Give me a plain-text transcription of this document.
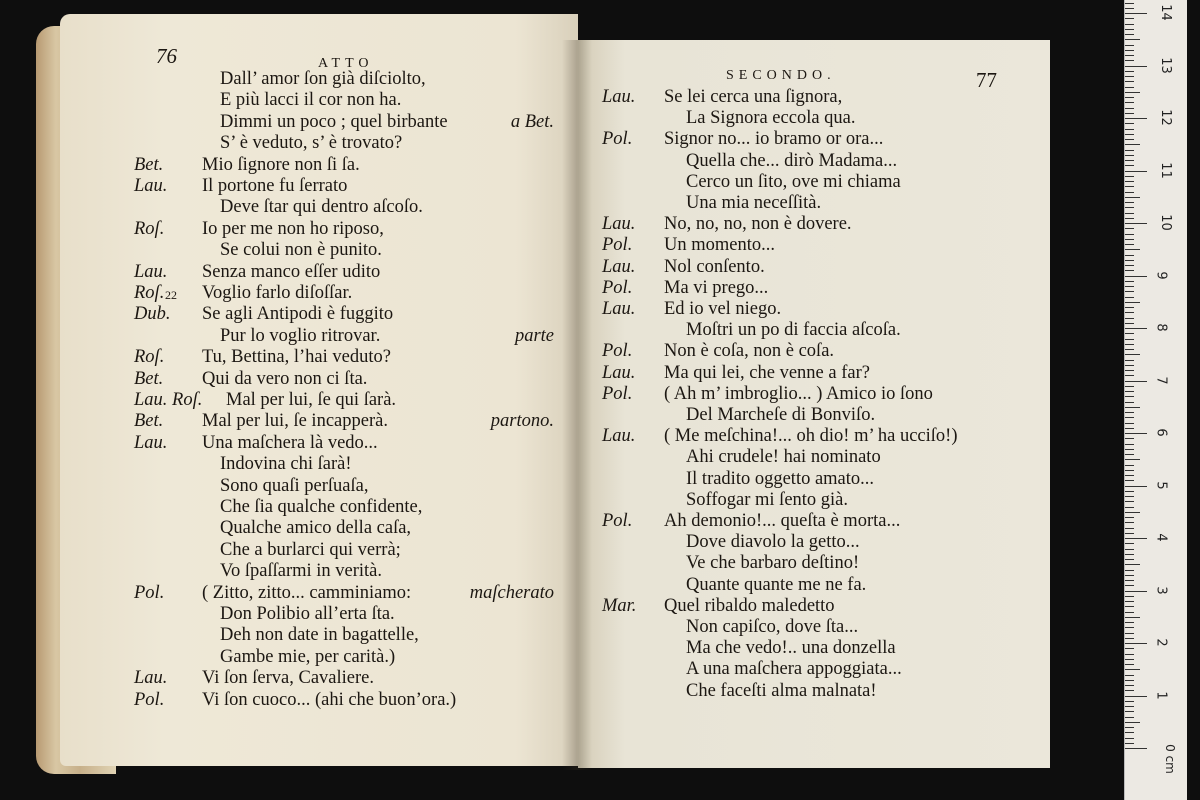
76	ATTO
22
Dall’ amor ſon già diſciolto,
E più lacci il cor non ha.
Dimmi un poco ; quel birbante	a Bet.
S’ è veduto, s’ è trovato?
Bet. Mio ſignore non ſi ſa.
Lau. Il portone fu ſerrato
Deve ſtar qui dentro aſcoſo.
Roſ. Io per me non ho riposo,
Se colui non è punito.
Lau. Senza manco eſſer udito
Roſ. Voglio farlo diſoſſar.
Dub. Se agli Antipodi è fuggito
Pur lo voglio ritrovar.	parte
Roſ. Tu, Bettina, l’hai veduto?
Bet. Qui da vero non ci ſta.
Lau. Roſ. Mal per lui, ſe qui ſarà.
Bet. Mal per lui, ſe incapperà.	partono.
Lau. Una maſchera là vedo...
Indovina chi ſarà!
Sono quaſi perſuaſa,
Che ſia qualche confidente,
Qualche amico della caſa,
Che a burlarci qui verrà;
Vo ſpaſſarmi in verità.
Pol. ( Zitto, zitto... camminiamo:	maſcherato
Don Polibio all’erta ſta.
Deh non date in bagattelle,
Gambe mie, per carità.)
Lau. Vi ſon ſerva, Cavaliere.
Pol. Vi ſon cuoco... (ahi che buon’ora.)
SECONDO.	77
Lau. Se lei cerca una ſignora,
La Signora eccola qua.
Pol. Signor no... io bramo or ora...
Quella che... dirò Madama...
Cerco un ſito, ove mi chiama
Una mia neceſſità.
Lau. No, no, no, non è dovere.
Pol. Un momento...
Lau. Nol conſento.
Pol. Ma vi prego...
Lau. Ed io vel niego.
Moſtri un po di faccia aſcoſa.
Pol. Non è coſa, non è coſa.
Lau. Ma qui lei, che venne a far?
Pol. ( Ah m’ imbroglio... ) Amico io ſono
Del Marcheſe di Bonviſo.
Lau. ( Me meſchina!... oh dio! m’ ha uccіſo!)
Ahi crudele! hai nominato
Il tradito oggetto amato...
Soffogar mi ſento già.
Pol. Ah demonio!... queſta è morta...
Dove diavolo la getto...
Ve che barbaro deſtino!
Quante quante me ne fa.
Mar. Quel ribaldo maledetto
Non capiſco, dove ſta...
Ma che vedo!.. una donzella
A una maſchera appoggiata...
Che faceſti alma malnata!	1
2
3
4
5
6
7
8
9
10
11
12
13
14
0 cm
